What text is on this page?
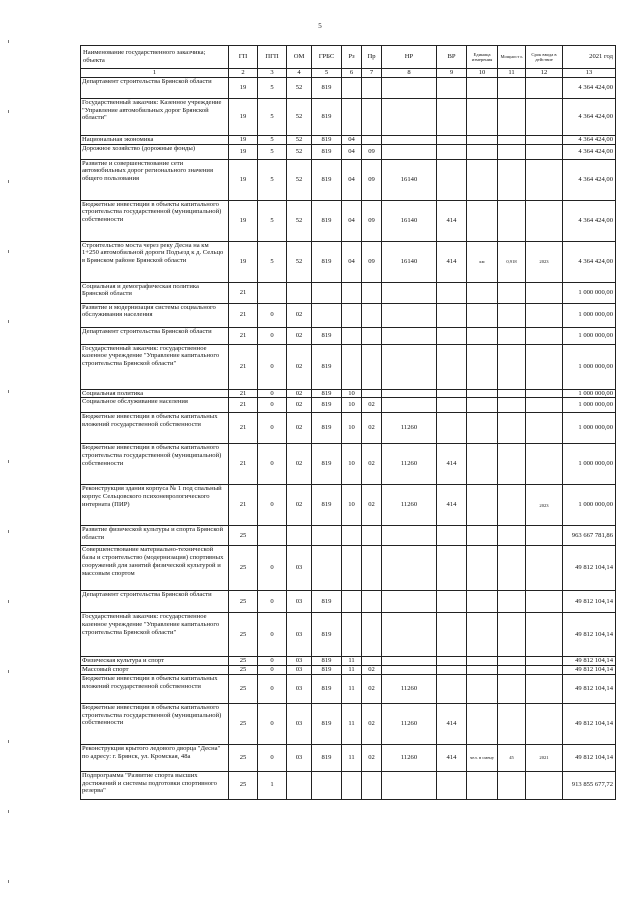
5
Наименование государственного заказчика; объекта	ГП	ПГП	ОМ	ГРБС	Рз	Пр	НР	ВР	Единица измерения	Мощност ь	Срок ввода в действие	2021 год
1	2	3	4	5	6	7	8	9	10	11	12	13
Департамент строительства Брянской области	19	5	52	819								4 364 424,00
Государственный заказчик: Казенное учреждение "Управление автомобильных дорог Брянской области"	19	5	52	819								4 364 424,00
Национальная экономика	19	5	52	819	04							4 364 424,00
Дорожное хозяйство (дорожные фонды)	19	5	52	819	04	09						4 364 424,00
Развитие и совершенствование сети автомобильных дорог регионального значения общего пользования	19	5	52	819	04	09	16140					4 364 424,00
Бюджетные инвестиции в объекты капитального строительства государственной (муниципальной) собственности	19	5	52	819	04	09	16140	414				4 364 424,00
Строительство моста через реку Десна на км 1+250 автомобильной дороги Подъезд к д. Сельцо в Брянском районе Брянской области	19	5	52	819	04	09	16140	414	км	0,918	2023	4 364 424,00
Социальная и демографическая политика Брянской области	21											1 000 000,00
Развитие и модернизация системы социального обслуживания населения	21	0	02									1 000 000,00
Департамент строительства Брянской области	21	0	02	819								1 000 000,00
Государственный заказчик: государственное казенное учреждение "Управление капитального строительства Брянской области"	21	0	02	819								1 000 000,00
Социальная политика	21	0	02	819	10							1 000 000,00
Социальное обслуживание населения	21	0	02	819	10	02						1 000 000,00
Бюджетные инвестиции в объекты капитальных вложений государственной собственности	21	0	02	819	10	02	11260					1 000 000,00
Бюджетные инвестиции в объекты капитального строительства государственной (муниципальной) собственности	21	0	02	819	10	02	11260	414				1 000 000,00
Реконструкция здания корпуса № 1 под спальный корпус Сельцовского психоневрологического интерната (ПИР)	21	0	02	819	10	02	11260	414			2023	1 000 000,00
Развитие физической культуры и спорта Брянской области	25											963 667 781,86
Совершенствование материально-технической базы и строительство (модернизация) спортивных сооружений для занятий физической культурой и массовым спортом	25	0	03									49 812 104,14
Департамент строительства Брянской области	25	0	03	819								49 812 104,14
Государственный заказчик: государственное казенное учреждение "Управление капитального строительства Брянской области"	25	0	03	819								49 812 104,14
Физическая культура и спорт	25	0	03	819	11							49 812 104,14
Массовый спорт	25	0	03	819	11	02						49 812 104,14
Бюджетные инвестиции в объекты капитальных вложений государственной собственности	25	0	03	819	11	02	11260					49 812 104,14
Бюджетные инвестиции в объекты капитального строительства государственной (муниципальной) собственности	25	0	03	819	11	02	11260	414				49 812 104,14
Реконструкция крытого ледового дворца "Десна" по адресу: г. Брянск, ул. Кромская, 48а	25	0	03	819	11	02	11260	414	чел. в смену	45	2021	49 812 104,14
Подпрограмма "Развитие спорта высших достижений и системы подготовки спортивного резерва"	25	1										913 855 677,72
